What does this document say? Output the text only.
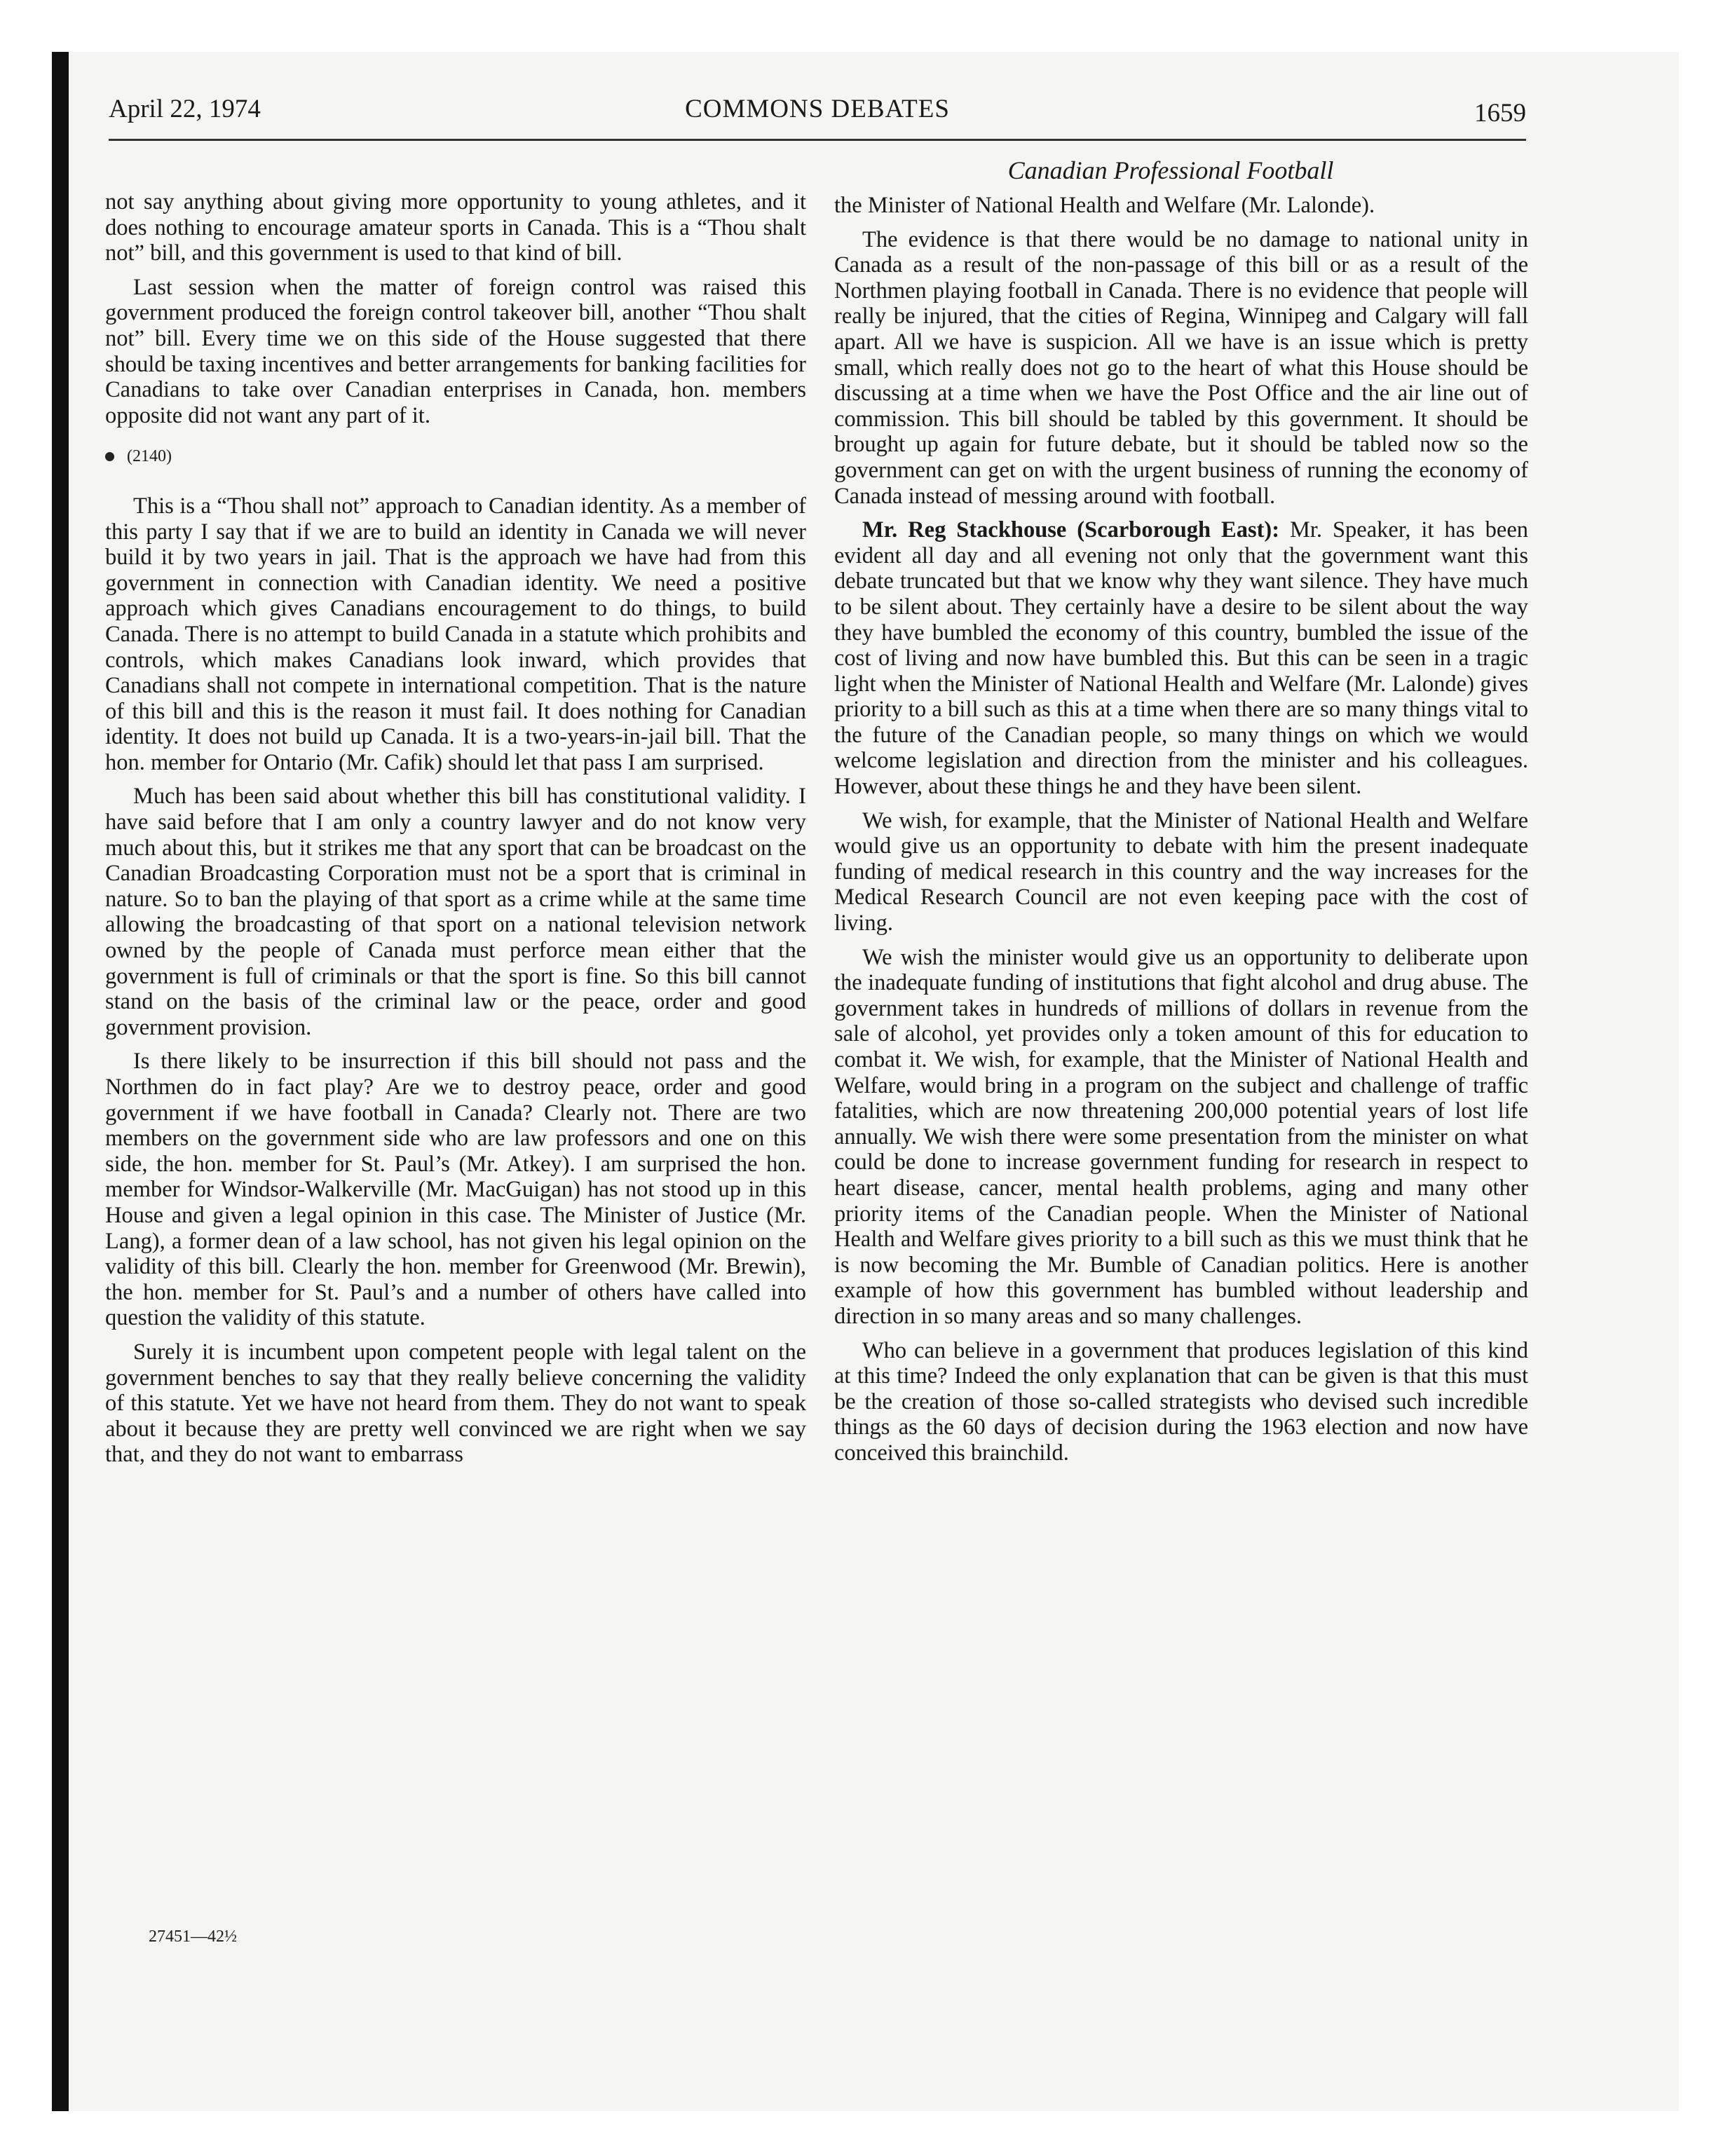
April 22, 1974	COMMONS DEBATES	1659
Canadian Professional Football

not say anything about giving more opportunity to young athletes, and it does nothing to encourage amateur sports in Canada. This is a “Thou shalt not” bill, and this government is used to that kind of bill.

Last session when the matter of foreign control was raised this government produced the foreign control takeover bill, another “Thou shalt not” bill. Every time we on this side of the House suggested that there should be taxing incentives and better arrangements for banking facilities for Canadians to take over Canadian enterprises in Canada, hon. members opposite did not want any part of it.

(2140)

This is a “Thou shall not” approach to Canadian identity. As a member of this party I say that if we are to build an identity in Canada we will never build it by two years in jail. That is the approach we have had from this government in connection with Canadian identity. We need a positive approach which gives Canadians encouragement to do things, to build Canada. There is no attempt to build Canada in a statute which prohibits and controls, which makes Canadians look inward, which provides that Canadians shall not compete in international competition. That is the nature of this bill and this is the reason it must fail. It does nothing for Canadian identity. It does not build up Canada. It is a two-years-in-jail bill. That the hon. member for Ontario (Mr. Cafik) should let that pass I am surprised.

Much has been said about whether this bill has constitutional validity. I have said before that I am only a country lawyer and do not know very much about this, but it strikes me that any sport that can be broadcast on the Canadian Broadcasting Corporation must not be a sport that is criminal in nature. So to ban the playing of that sport as a crime while at the same time allowing the broadcasting of that sport on a national television network owned by the people of Canada must perforce mean either that the government is full of criminals or that the sport is fine. So this bill cannot stand on the basis of the criminal law or the peace, order and good government provision.

Is there likely to be insurrection if this bill should not pass and the Northmen do in fact play? Are we to destroy peace, order and good government if we have football in Canada? Clearly not. There are two members on the government side who are law professors and one on this side, the hon. member for St. Paul’s (Mr. Atkey). I am surprised the hon. member for Windsor-Walkerville (Mr. MacGuigan) has not stood up in this House and given a legal opinion in this case. The Minister of Justice (Mr. Lang), a former dean of a law school, has not given his legal opinion on the validity of this bill. Clearly the hon. member for Greenwood (Mr. Brewin), the hon. member for St. Paul’s and a number of others have called into question the validity of this statute.

Surely it is incumbent upon competent people with legal talent on the government benches to say that they really believe concerning the validity of this statute. Yet we have not heard from them. They do not want to speak about it because they are pretty well convinced we are right when we say that, and they do not want to embarrass

the Minister of National Health and Welfare (Mr. Lalonde).

The evidence is that there would be no damage to national unity in Canada as a result of the non-passage of this bill or as a result of the Northmen playing football in Canada. There is no evidence that people will really be injured, that the cities of Regina, Winnipeg and Calgary will fall apart. All we have is suspicion. All we have is an issue which is pretty small, which really does not go to the heart of what this House should be discussing at a time when we have the Post Office and the air line out of commission. This bill should be tabled by this government. It should be brought up again for future debate, but it should be tabled now so the government can get on with the urgent business of running the economy of Canada instead of messing around with football.

Mr. Reg Stackhouse (Scarborough East): Mr. Speaker, it has been evident all day and all evening not only that the government want this debate truncated but that we know why they want silence. They have much to be silent about. They certainly have a desire to be silent about the way they have bumbled the economy of this country, bumbled the issue of the cost of living and now have bumbled this. But this can be seen in a tragic light when the Minister of National Health and Welfare (Mr. Lalonde) gives priority to a bill such as this at a time when there are so many things vital to the future of the Canadian people, so many things on which we would welcome legislation and direction from the minister and his colleagues. However, about these things he and they have been silent.

We wish, for example, that the Minister of National Health and Welfare would give us an opportunity to debate with him the present inadequate funding of medical research in this country and the way increases for the Medical Research Council are not even keeping pace with the cost of living.

We wish the minister would give us an opportunity to deliberate upon the inadequate funding of institutions that fight alcohol and drug abuse. The government takes in hundreds of millions of dollars in revenue from the sale of alcohol, yet provides only a token amount of this for education to combat it. We wish, for example, that the Minister of National Health and Welfare, would bring in a program on the subject and challenge of traffic fatalities, which are now threatening 200,000 potential years of lost life annually. We wish there were some presentation from the minister on what could be done to increase government funding for research in respect to heart disease, cancer, mental health problems, aging and many other priority items of the Canadian people. When the Minister of National Health and Welfare gives priority to a bill such as this we must think that he is now becoming the Mr. Bumble of Canadian politics. Here is another example of how this government has bumbled without leadership and direction in so many areas and so many challenges.

Who can believe in a government that produces legislation of this kind at this time? Indeed the only explanation that can be given is that this must be the creation of those so-called strategists who devised such incredible things as the 60 days of decision during the 1963 election and now have conceived this brainchild.

27451—42½
